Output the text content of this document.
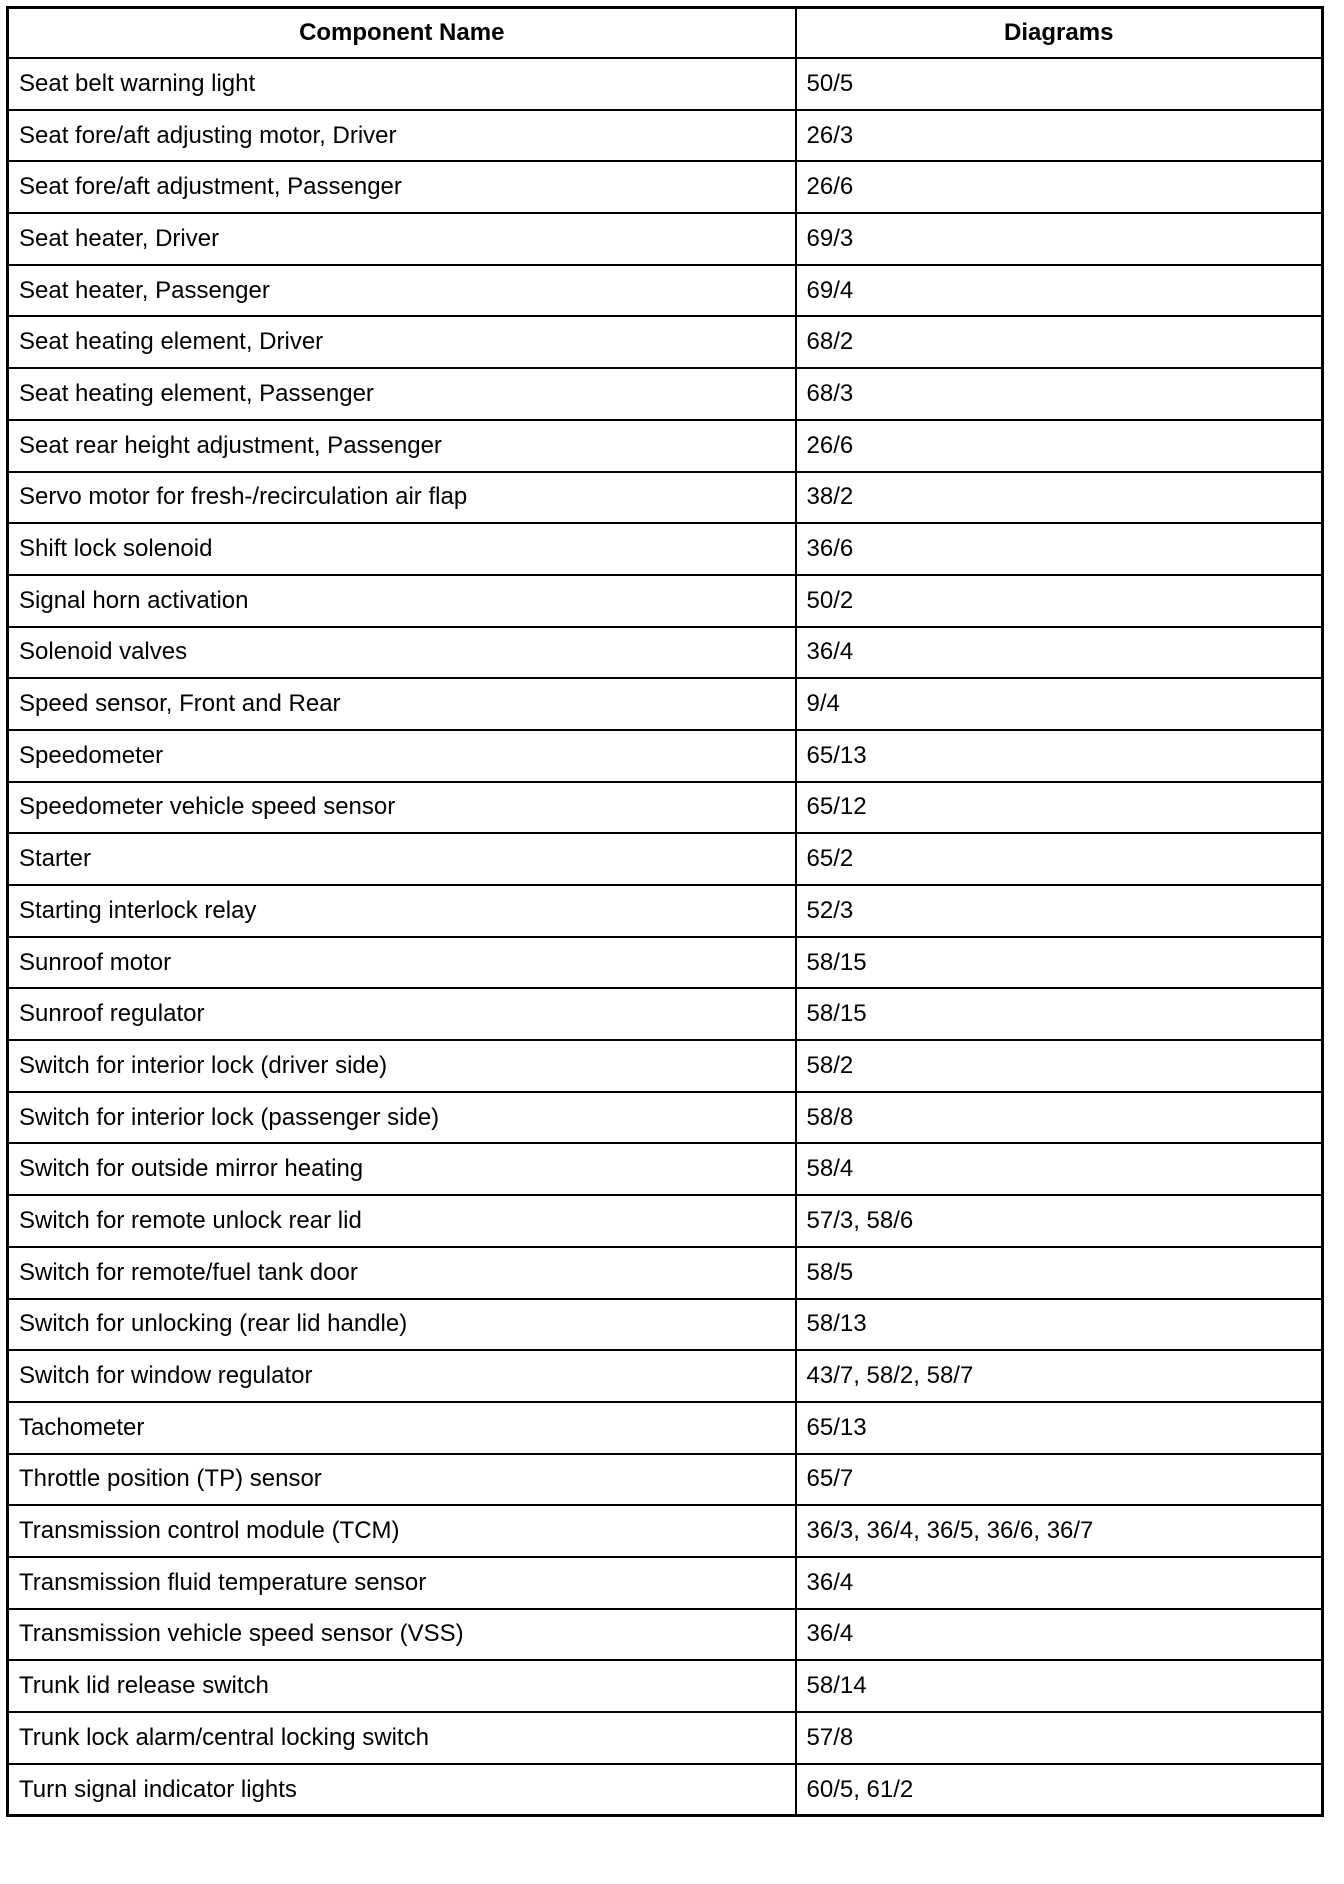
Component Name	Diagrams
Seat belt warning light	50/5
Seat fore/aft adjusting motor, Driver	26/3
Seat fore/aft adjustment, Passenger	26/6
Seat heater, Driver	69/3
Seat heater, Passenger	69/4
Seat heating element, Driver	68/2
Seat heating element, Passenger	68/3
Seat rear height adjustment, Passenger	26/6
Servo motor for fresh-/recirculation air flap	38/2
Shift lock solenoid	36/6
Signal horn activation	50/2
Solenoid valves	36/4
Speed sensor, Front and Rear	9/4
Speedometer	65/13
Speedometer vehicle speed sensor	65/12
Starter	65/2
Starting interlock relay	52/3
Sunroof motor	58/15
Sunroof regulator	58/15
Switch for interior lock (driver side)	58/2
Switch for interior lock (passenger side)	58/8
Switch for outside mirror heating	58/4
Switch for remote unlock rear lid	57/3, 58/6
Switch for remote/fuel tank door	58/5
Switch for unlocking (rear lid handle)	58/13
Switch for window regulator	43/7, 58/2, 58/7
Tachometer	65/13
Throttle position (TP) sensor	65/7
Transmission control module (TCM)	36/3, 36/4, 36/5, 36/6, 36/7
Transmission fluid temperature sensor	36/4
Transmission vehicle speed sensor (VSS)	36/4
Trunk lid release switch	58/14
Trunk lock alarm/central locking switch	57/8
Turn signal indicator lights	60/5, 61/2
